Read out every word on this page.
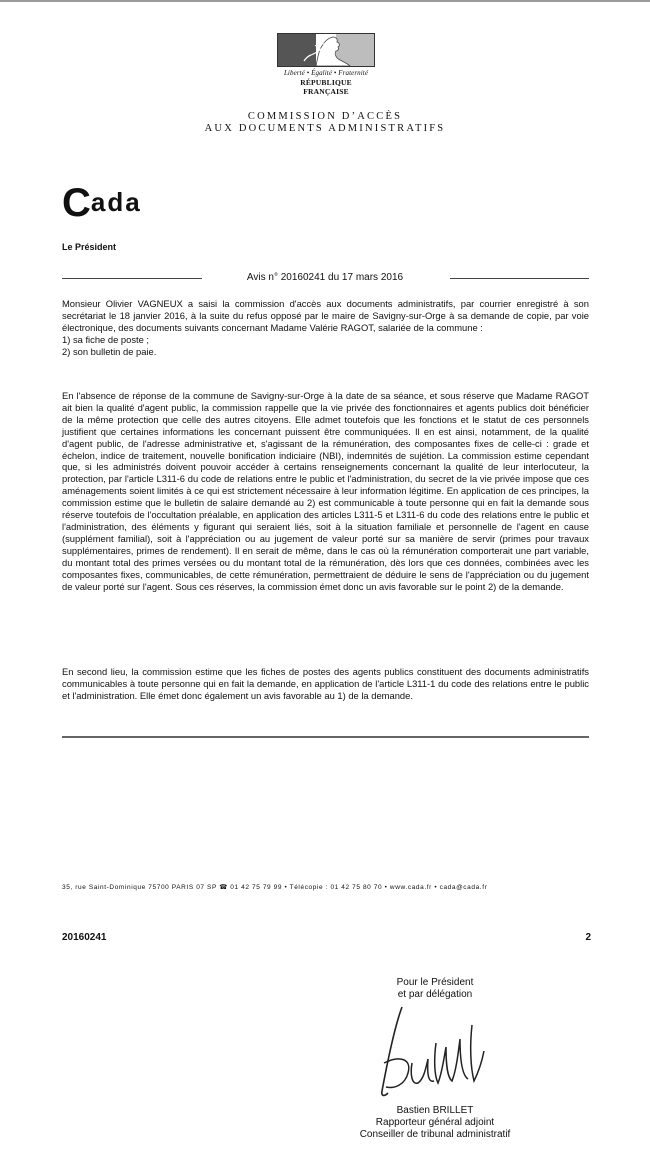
Liberté • Égalité • Fraternité
RÉPUBLIQUE FRANÇAISE
COMMISSION D’ACCÈS
AUX DOCUMENTS ADMINISTRATIFS
Cada
Le Président
Avis n° 20160241 du 17 mars 2016
Monsieur Olivier VAGNEUX a saisi la commission d'accès aux documents administratifs, par courrier enregistré à son secrétariat le 18 janvier 2016, à la suite du refus opposé par le maire de Savigny-sur-Orge à sa demande de copie, par voie électronique, des documents suivants concernant Madame Valérie RAGOT, salariée de la commune :
1) sa fiche de poste ;
2) son bulletin de paie.
En l'absence de réponse de la commune de Savigny-sur-Orge à la date de sa séance, et sous réserve que Madame RAGOT ait bien la qualité d'agent public, la commission rappelle que la vie privée des fonctionnaires et agents publics doit bénéficier de la même protection que celle des autres citoyens. Elle admet toutefois que les fonctions et le statut de ces personnels justifient que certaines informations les concernant puissent être communiquées. Il en est ainsi, notamment, de la qualité d'agent public, de l'adresse administrative et, s'agissant de la rémunération, des composantes fixes de celle-ci : grade et échelon, indice de traitement, nouvelle bonification indiciaire (NBI), indemnités de sujétion. La commission estime cependant que, si les administrés doivent pouvoir accéder à certains renseignements concernant la qualité de leur interlocuteur, la protection, par l'article L311-6 du code de relations entre le public et l'administration, du secret de la vie privée impose que ces aménagements soient limités à ce qui est strictement nécessaire à leur information légitime. En application de ces principes, la commission estime que le bulletin de salaire demandé au 2) est communicable à toute personne qui en fait la demande sous réserve toutefois de l'occultation préalable, en application des articles L311-5 et L311-6 du code des relations entre le public et l'administration, des éléments y figurant qui seraient liés, soit à la situation familiale et personnelle de l'agent en cause (supplément familial), soit à l'appréciation ou au jugement de valeur porté sur sa manière de servir (primes pour travaux supplémentaires, primes de rendement). Il en serait de même, dans le cas où la rémunération comporterait une part variable, du montant total des primes versées ou du montant total de la rémunération, dès lors que ces données, combinées avec les composantes fixes, communicables, de cette rémunération, permettraient de déduire le sens de l'appréciation ou du jugement de valeur porté sur l'agent. Sous ces réserves, la commission émet donc un avis favorable sur le point 2) de la demande.
En second lieu, la commission estime que les fiches de postes des agents publics constituent des documents administratifs communicables à toute personne qui en fait la demande, en application de l'article L311-1 du code des relations entre le public et l'administration. Elle émet donc également un avis favorable au 1) de la demande.
35, rue Saint-Dominique 75700 PARIS 07 SP ☎ 01 42 75 79 99 • Télécopie : 01 42 75 80 70 • www.cada.fr • cada@cada.fr
20160241	2
Pour le Président
et par délégation
Bastien BRILLET
Rapporteur général adjoint
Conseiller de tribunal administratif
